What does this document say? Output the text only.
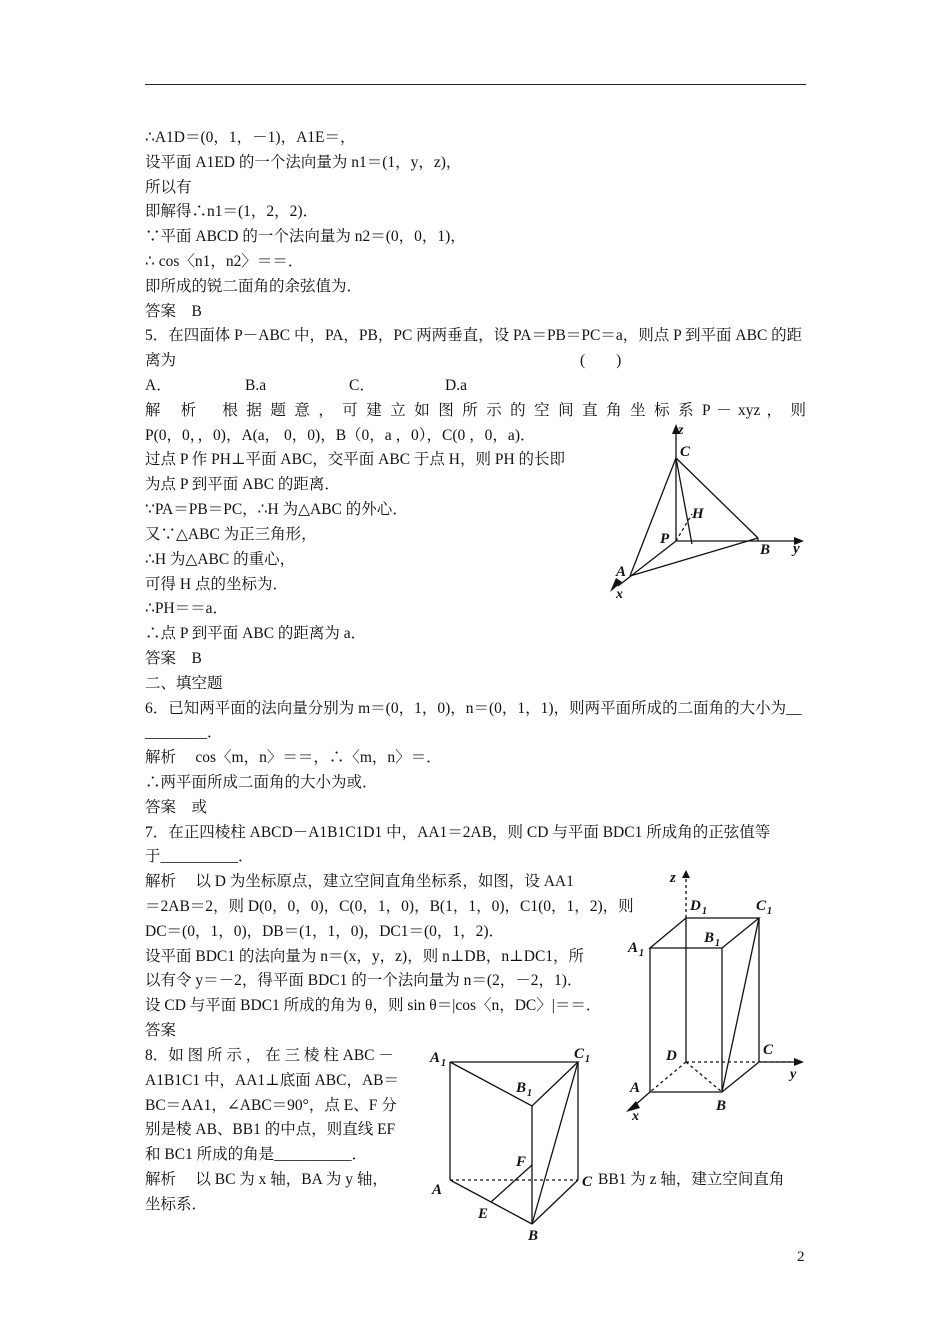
∴A1D＝(0，1，－1)，A1E＝，
设平面 A1ED 的一个法向量为 n1＝(1，y，z)，
所以有
即解得∴n1＝(1，2，2)．
∵平面 ABCD 的一个法向量为 n2＝(0，0，1)，
∴ cos〈n1，n2〉＝＝．
即所成的锐二面角的余弦值为．
答案　B
5．在四面体 P－ABC 中，PA，PB，PC 两两垂直，设 PA＝PB＝PC＝a，则点 P 到平面 ABC 的距
离为	(　　)
A．	B.a	C．	D.a
解　析　 根 据 题 意 ， 可 建 立 如 图 所 示 的 空 间 直 角 坐 标 系 P － xyz ， 则
P(0，0，，0)，A(a， 0，0)，B（0，a ，0），C(0 ，0，a)．
过点 P 作 PH⊥平面 ABC，交平面 ABC 于点 H，则 PH 的长即
为点 P 到平面 ABC 的距离．
∵PA＝PB＝PC，∴H 为△ABC 的外心．
又∵△ABC 为正三角形，
∴H 为△ABC 的重心，
可得 H 点的坐标为．
∴PH＝＝a．
∴点 P 到平面 ABC 的距离为 a．
答案　B
二、填空题
6．已知两平面的法向量分别为 m＝(0，1，0)，n＝(0，1，1)，则两平面所成的二面角的大小为__
________．
解析　 cos〈m，n〉＝＝，∴〈m，n〉＝．
∴两平面所成二面角的大小为或．
答案　或
7．在正四棱柱 ABCD－A1B1C1D1 中，AA1＝2AB，则 CD 与平面 BDC1 所成角的正弦值等
于__________．
解析　 以 D 为坐标原点，建立空间直角坐标系，如图，设 AA1
＝2AB＝2，则 D(0，0，0)，C(0，1，0)，B(1，1，0)，C1(0，1，2)，则
DC＝(0，1，0)，DB＝(1，1，0)，DC1＝(0，1，2)．
设平面 BDC1 的法向量为 n＝(x，y，z)，则 n⊥DB，n⊥DC1，所
以有令 y＝－2，得平面 BDC1 的一个法向量为 n＝(2，－2，1)．
设 CD 与平面 BDC1 所成的角为 θ，则 sin θ＝|cos〈n，DC〉|＝＝．
答案
8．如 图 所 示 ， 在 三 棱 柱 ABC －
A1B1C1 中，AA1⊥底面 ABC，AB＝
BC＝AA1，∠ABC＝90°，点 E、F 分
别是棱 AB、BB1 的中点，则直线 EF
和 BC1 所成的角是__________．
解析　 以 BC 为 x 轴，BA 为 y 轴，	BB1 为 z 轴，建立空间直角
坐标系．
2
C
H
P
B y
A
x
z
z
D 1	C 1
A 1
B 1
D	C
y
A
B
x
A 1
C 1
B 1
F
A	C
E
B
